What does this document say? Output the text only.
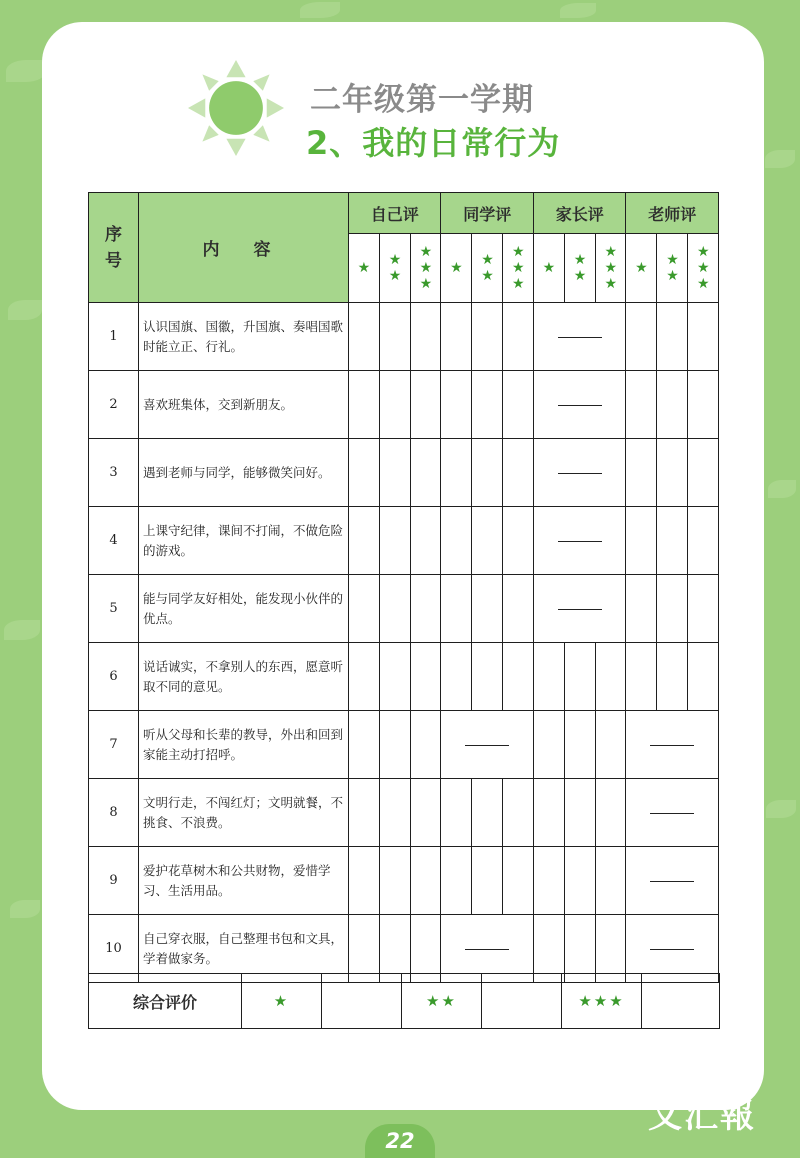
二年级第一学期
2、我的日常行为
序号	内 容	自己评			同学评			家长评			老师评		
		★	★★	★★★	★	★★	★★★	★	★★	★★★	★	★★	★★★
1	认识国旗、国徽，升国旗、奏唱国歌时能立正、行礼。												
2	喜欢班集体，交到新朋友。												
3	遇到老师与同学，能够微笑问好。												
4	上课守纪律，课间不打闹，不做危险的游戏。												
5	能与同学友好相处，能发现小伙伴的优点。												
6	说话诚实，不拿别人的东西，愿意听取不同的意见。												
7	听从父母和长辈的教导，外出和回到家能主动打招呼。												
8	文明行走，不闯红灯；文明就餐，不挑食、不浪费。												
9	爱护花草树木和公共财物，爱惜学习、生活用品。												
10	自己穿衣服，自己整理书包和文具，学着做家务。												
综合评价	★		★★		★★★	
22
文汇報
